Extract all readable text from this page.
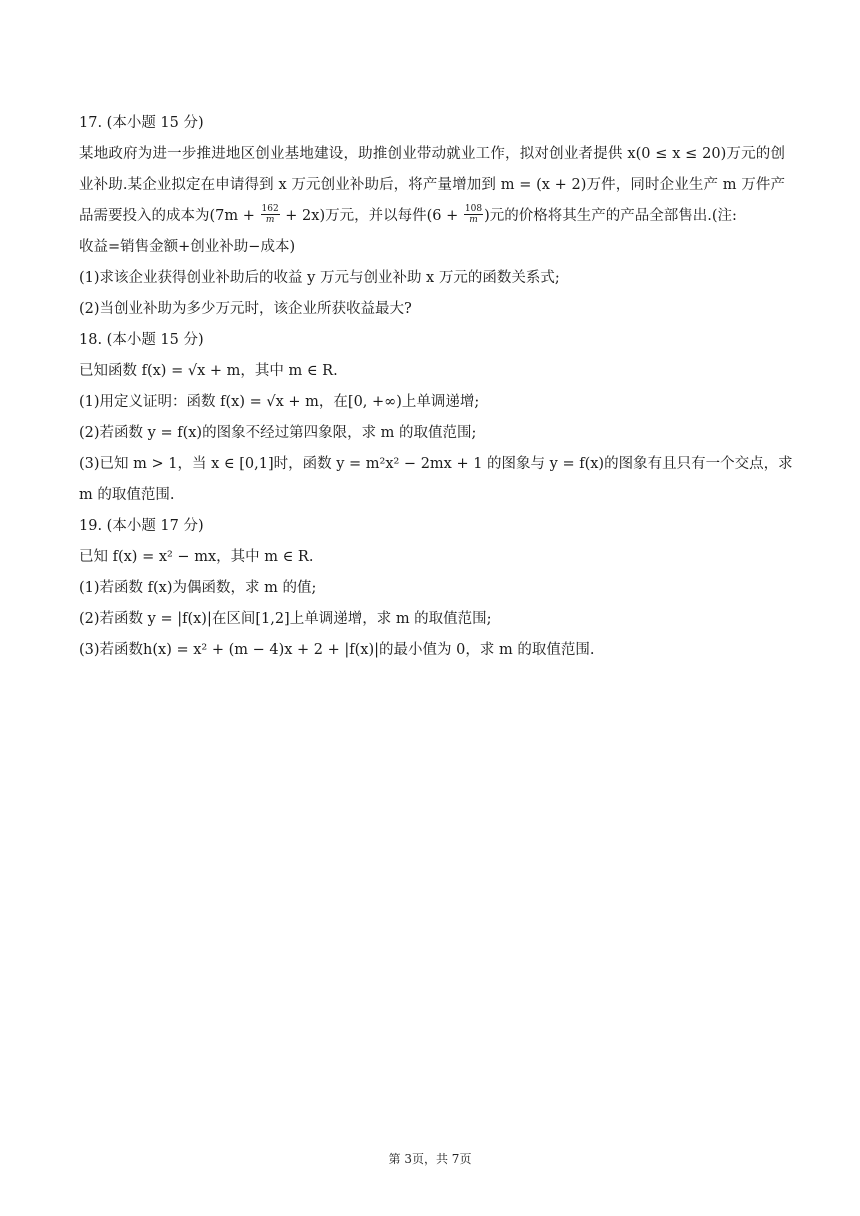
17. (本小题 15 分)
某地政府为进一步推进地区创业基地建设，助推创业带动就业工作，拟对创业者提供 x(0 ≤ x ≤ 20)万元的创业补助.某企业拟定在申请得到 x 万元创业补助后，将产量增加到 m = (x + 2)万件，同时企业生产 m 万件产品需要投入的成本为$(7m + \frac{162}{m} + 2x)$万元，并以每件($6 + \frac{108}{m}$ )元的价格将其生产的产品全部售出.(注:
收益=销售金额+创业补助−成本)
(1)求该企业获得创业补助后的收益 y 万元与创业补助 x 万元的函数关系式;
(2)当创业补助为多少万元时，该企业所获收益最大?
18. (本小题 15 分)
已知函数 f(x) = √x + m，其中 m ∈ R.
(1)用定义证明：函数 f(x) = √x + m，在[0, +∞)上单调递增;
(2)若函数 y = f(x)的图象不经过第四象限，求 m 的取值范围;
(3)已知 m > 1，当 x ∈ [0,1]时，函数 y = m²x² − 2mx + 1 的图象与 y = f(x)的图象有且只有一个交点，求
m 的取值范围.
19. (本小题 17 分)
已知 f(x) = x² − mx，其中 m ∈ R.
(1)若函数 f(x)为偶函数，求 m 的值;
(2)若函数 y = |f(x)|在区间[1,2]上单调递增，求 m 的取值范围;
(3)若函数h(x) = x² + (m − 4)x + 2 + |f(x)|的最小值为 0，求 m 的取值范围.
第 3页，共 7页
